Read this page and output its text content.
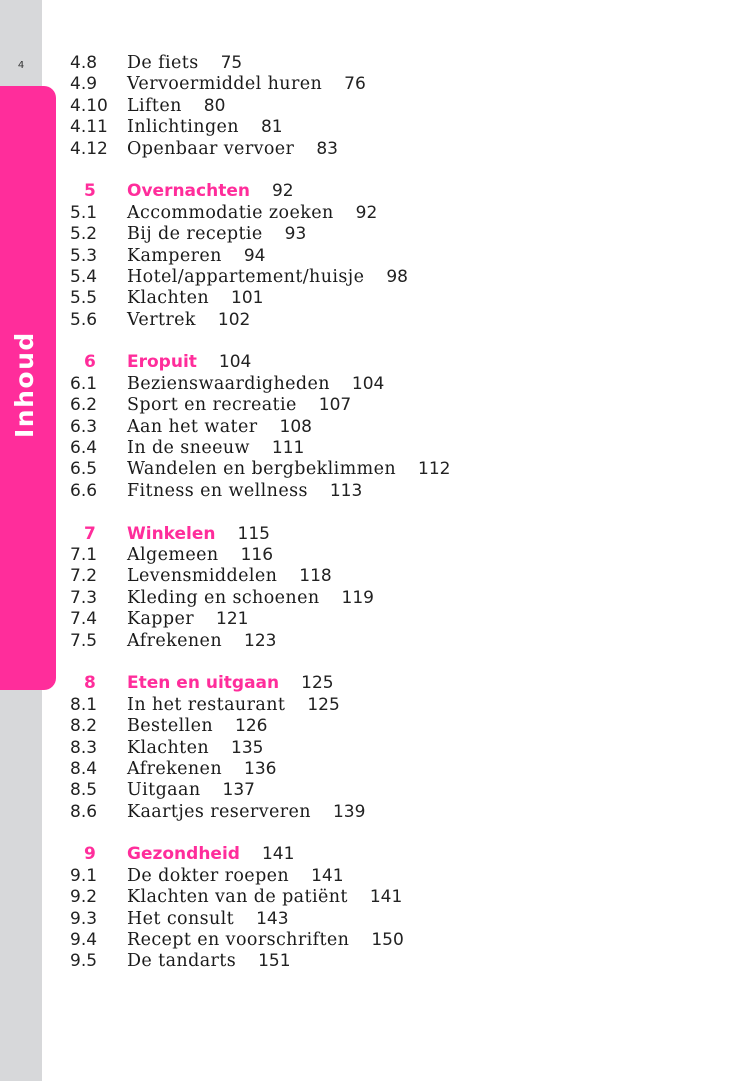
4
Inhoud
4.8	De fiets 75
4.9	Vervoermiddel huren 76
4.10	Liften 80
4.11	Inlichtingen 81
4.12	Openbaar vervoer 83
5	Overnachten 92
5.1	Accommodatie zoeken 92
5.2	Bij de receptie 93
5.3	Kamperen 94
5.4	Hotel/appartement/huisje 98
5.5	Klachten 101
5.6	Vertrek 102
6	Eropuit 104
6.1	Bezienswaardigheden 104
6.2	Sport en recreatie 107
6.3	Aan het water 108
6.4	In de sneeuw 111
6.5	Wandelen en bergbeklimmen 112
6.6	Fitness en wellness 113
7	Winkelen 115
7.1	Algemeen 116
7.2	Levensmiddelen 118
7.3	Kleding en schoenen 119
7.4	Kapper 121
7.5	Afrekenen 123
8	Eten en uitgaan 125
8.1	In het restaurant 125
8.2	Bestellen 126
8.3	Klachten 135
8.4	Afrekenen 136
8.5	Uitgaan 137
8.6	Kaartjes reserveren 139
9	Gezondheid 141
9.1	De dokter roepen 141
9.2	Klachten van de patiënt 141
9.3	Het consult 143
9.4	Recept en voorschriften 150
9.5	De tandarts 151
